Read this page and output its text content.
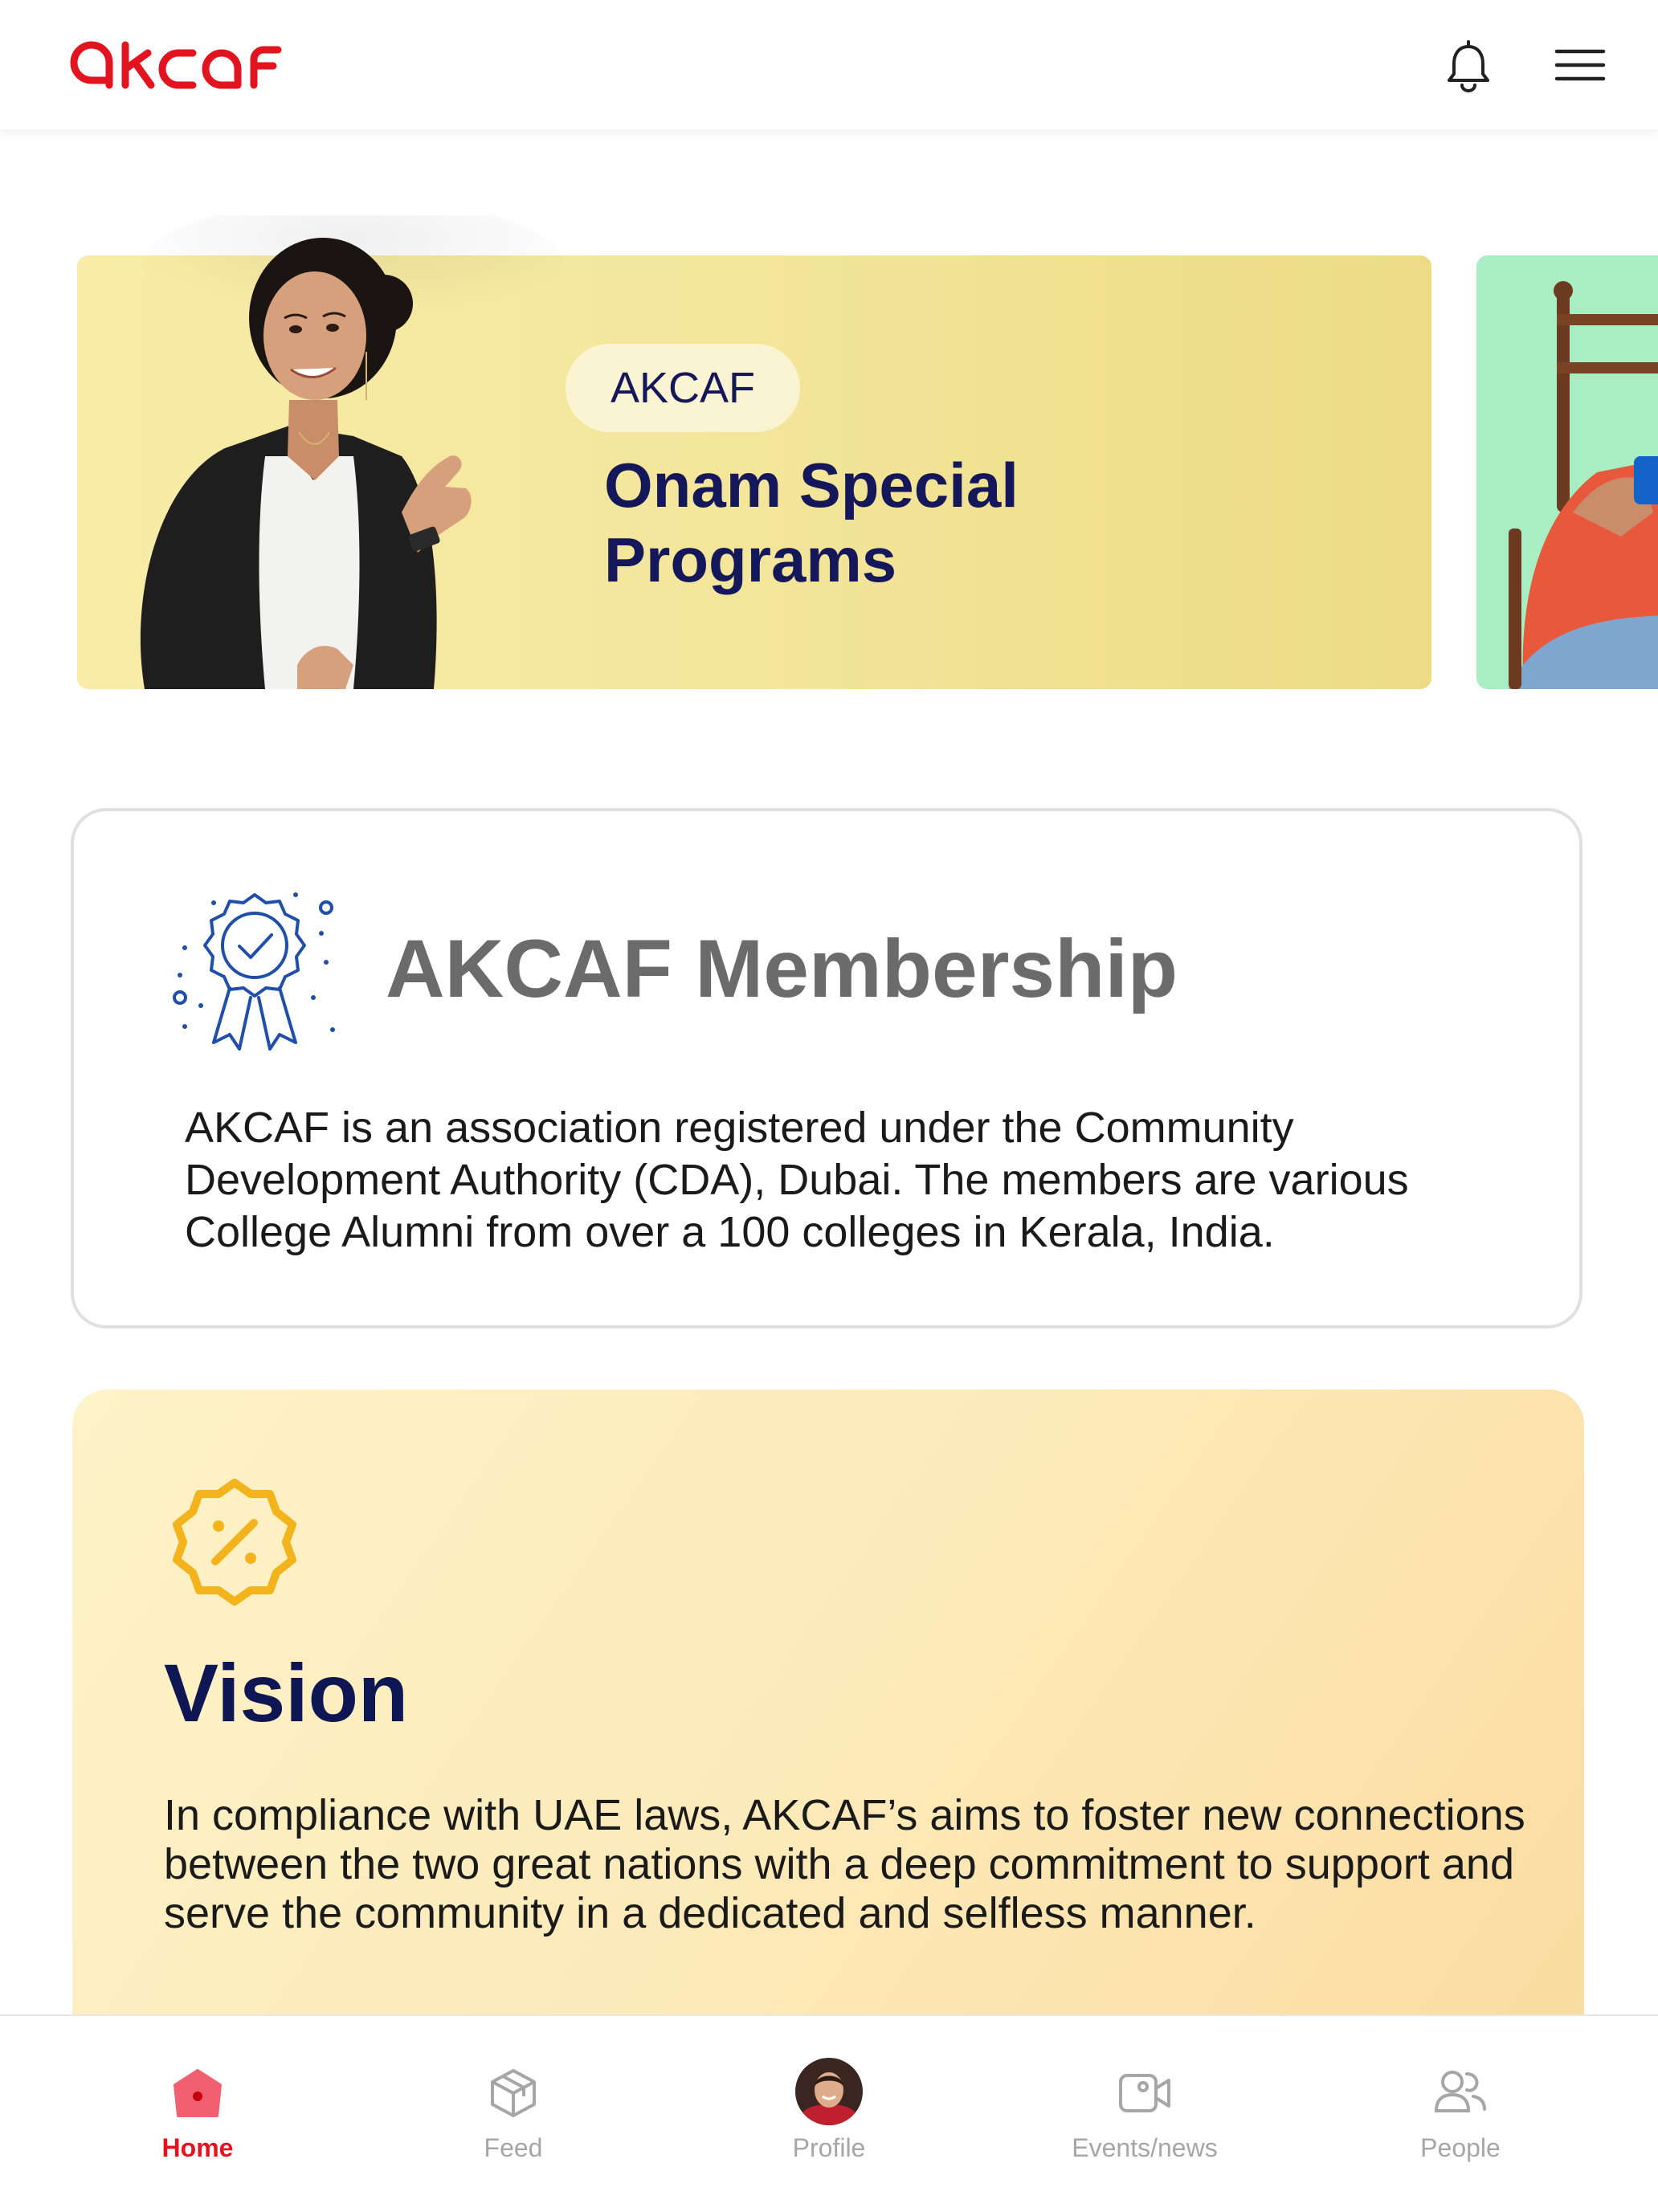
AKCAF
Onam Special Programs
AKCAF Membership
AKCAF is an association registered under the Community Development Authority (CDA), Dubai. The members are various College Alumni from over a 100 colleges in Kerala, India.
Vision
In compliance with UAE laws, AKCAF’s aims to foster new connections between the two great nations with a deep commitment to support and serve the community in a dedicated and selfless manner.
Home	Feed	Profile	Events/news	People
